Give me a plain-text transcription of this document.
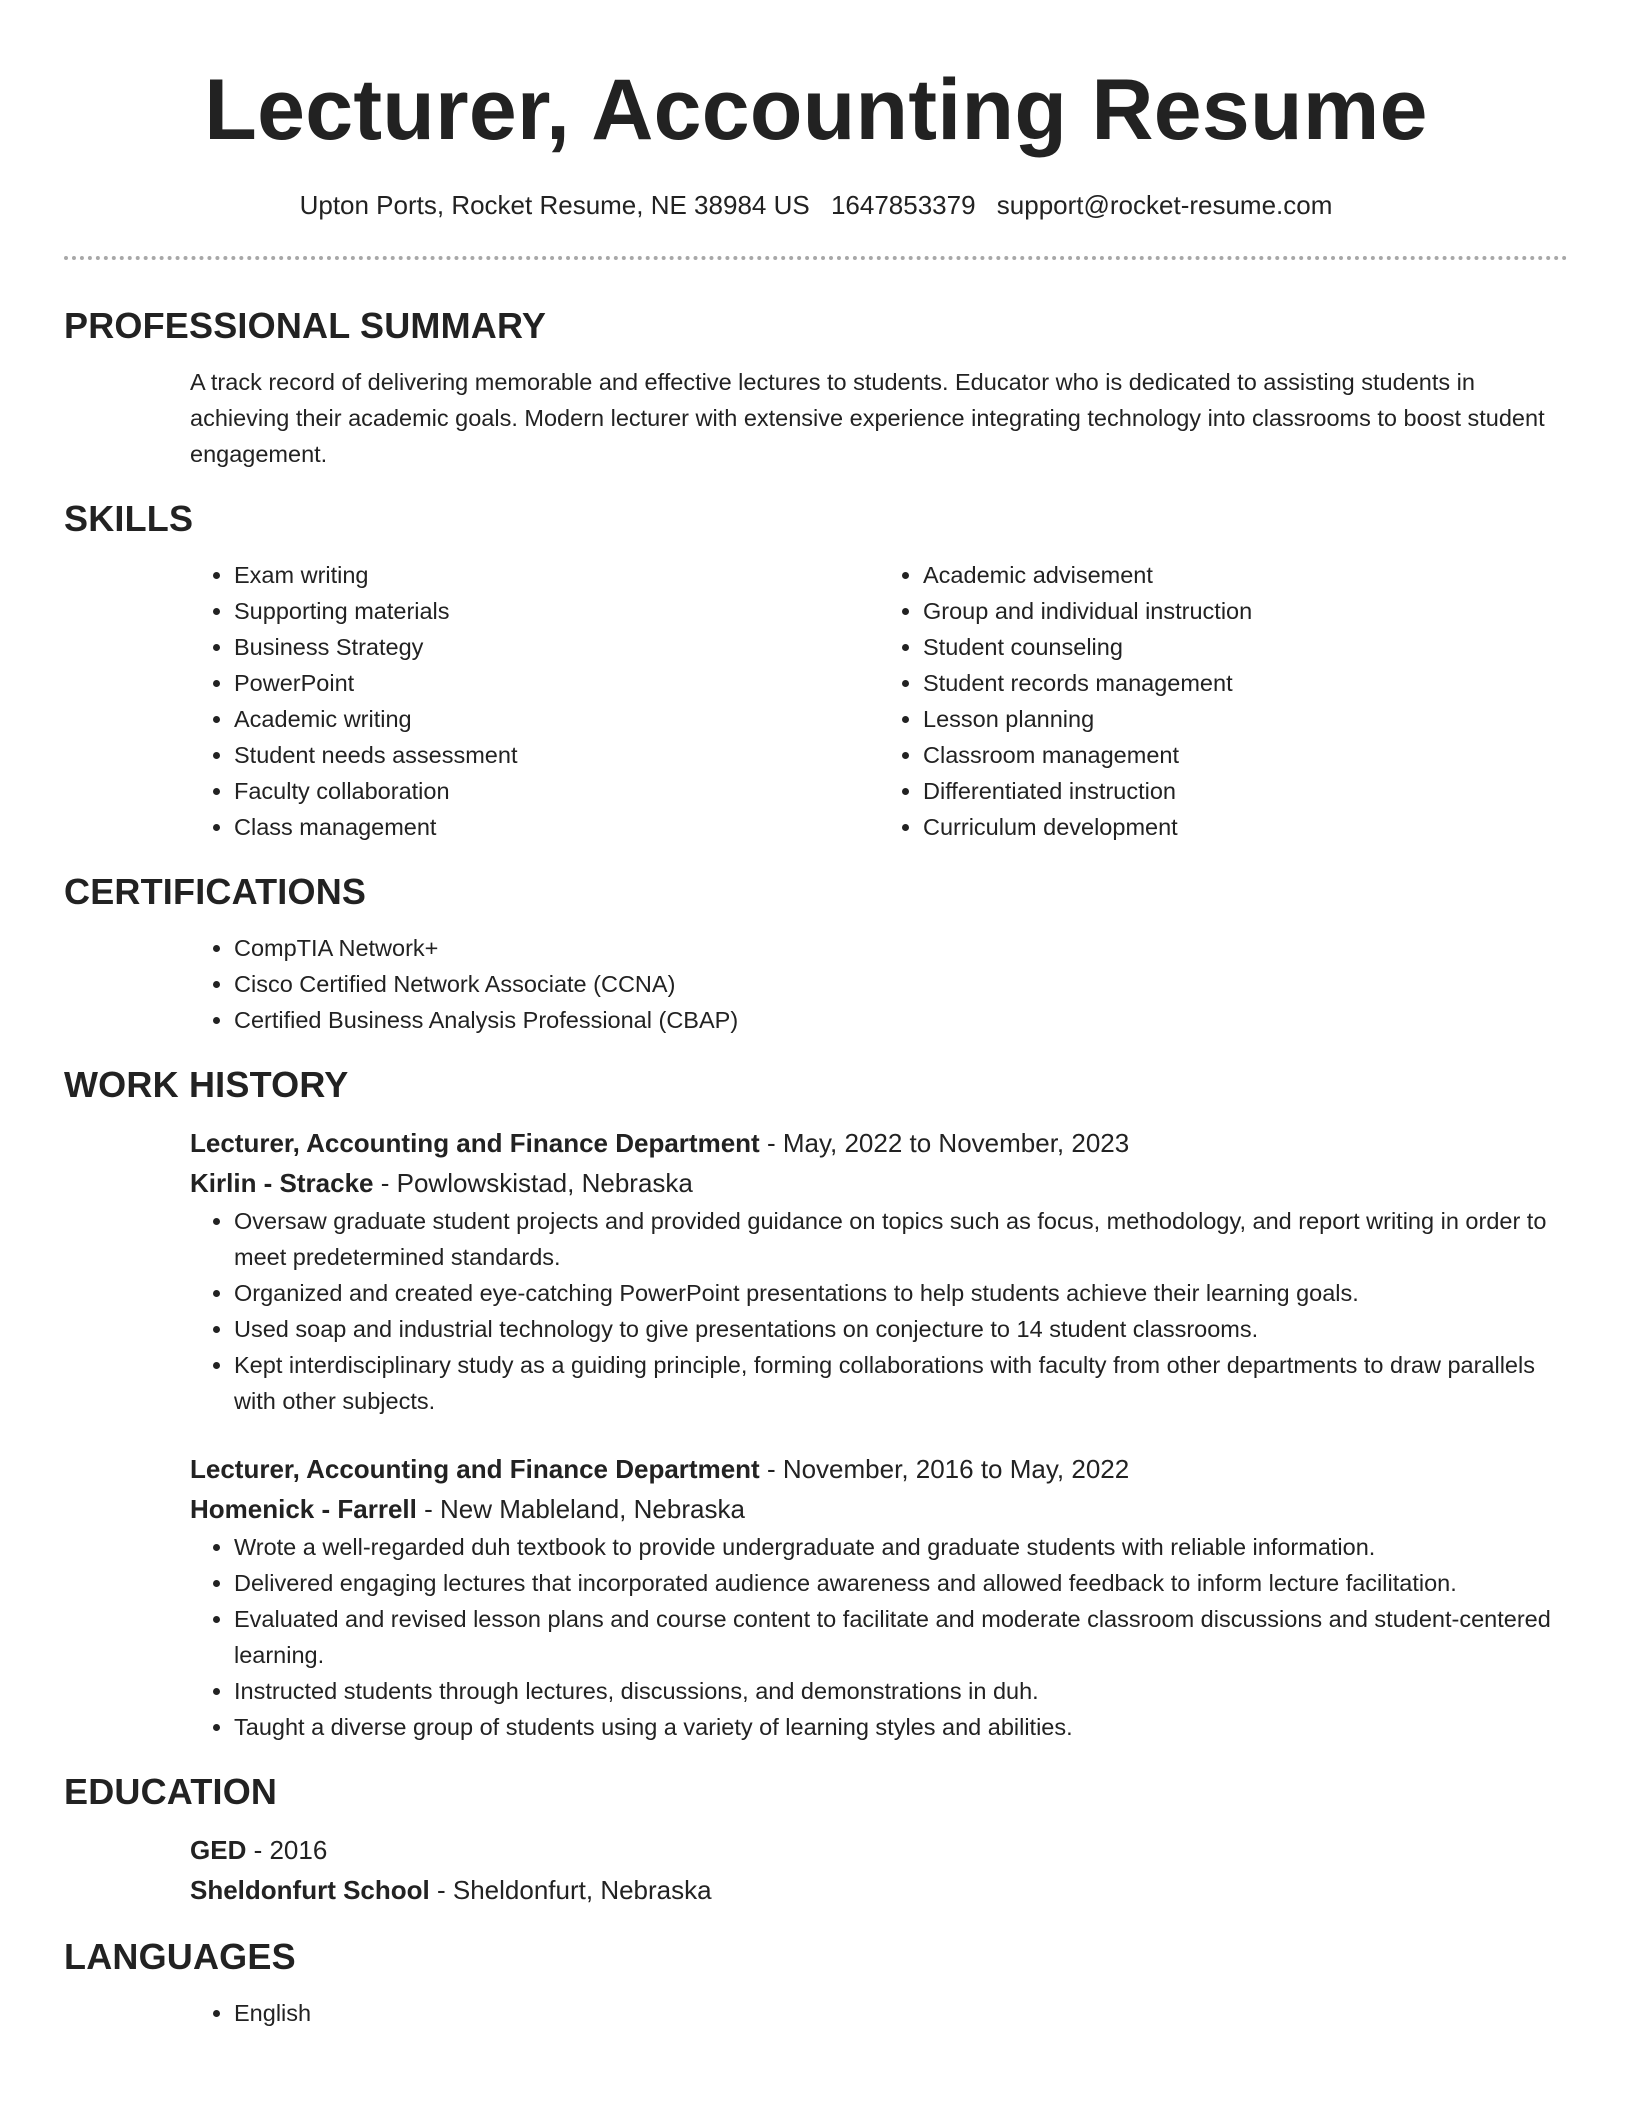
Lecturer, Accounting Resume
Upton Ports, Rocket Resume, NE 38984 US 1647853379 support@rocket-resume.com
PROFESSIONAL SUMMARY

A track record of delivering memorable and effective lectures to students. Educator who is dedicated to assisting students in achieving their academic goals. Modern lecturer with extensive experience integrating technology into classrooms to boost student engagement.

SKILLS
• Exam writing
• Supporting materials
• Business Strategy
• PowerPoint
• Academic writing
• Student needs assessment
• Faculty collaboration
• Class management
• Academic advisement
• Group and individual instruction
• Student counseling
• Student records management
• Lesson planning
• Classroom management
• Differentiated instruction
• Curriculum development
CERTIFICATIONS
• CompTIA Network+
• Cisco Certified Network Associate (CCNA)
• Certified Business Analysis Professional (CBAP)
WORK HISTORY
Lecturer, Accounting and Finance Department - May, 2022 to November, 2023
Kirlin - Stracke - Powlowskistad, Nebraska
• Oversaw graduate student projects and provided guidance on topics such as focus, methodology, and report writing in order to meet predetermined standards.
• Organized and created eye-catching PowerPoint presentations to help students achieve their learning goals.
• Used soap and industrial technology to give presentations on conjecture to 14 student classrooms.
• Kept interdisciplinary study as a guiding principle, forming collaborations with faculty from other departments to draw parallels with other subjects.
Lecturer, Accounting and Finance Department - November, 2016 to May, 2022
Homenick - Farrell - New Mableland, Nebraska
• Wrote a well-regarded duh textbook to provide undergraduate and graduate students with reliable information.
• Delivered engaging lectures that incorporated audience awareness and allowed feedback to inform lecture facilitation.
• Evaluated and revised lesson plans and course content to facilitate and moderate classroom discussions and student-centered learning.
• Instructed students through lectures, discussions, and demonstrations in duh.
• Taught a diverse group of students using a variety of learning styles and abilities.
EDUCATION
GED - 2016
Sheldonfurt School - Sheldonfurt, Nebraska
LANGUAGES
• English
